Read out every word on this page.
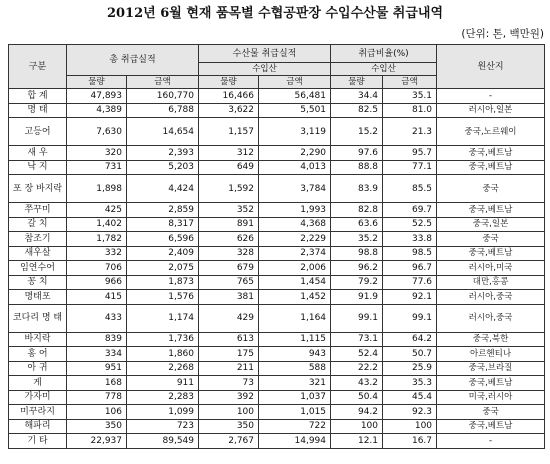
2012년 6월 현재 품목별 수협공판장 수입수산물 취급내역
(단위: 톤, 백만원)
구분	총 취급실적		수산물 취급실적		취급비율(%)		원산지
			수입산		수입산		
	물량	금액	물량	금액	물량	금액	
합 계	47,893	160,770	16,466	56,481	34.4	35.1	-
명 태	4,389	6,788	3,622	5,501	82.5	81.0	러시아,일본
고등어	7,630	14,654	1,157	3,119	15.2	21.3	중국,노르웨이
새 우	320	2,393	312	2,290	97.6	95.7	중국,베트남
낙 지	731	5,203	649	4,013	88.8	77.1	중국,베트남
포 장 바지락	1,898	4,424	1,592	3,784	83.9	85.5	중국
쭈꾸미	425	2,859	352	1,993	82.8	69.7	중국,베트남
갈 치	1,402	8,317	891	4,368	63.6	52.5	중국,일본
참조기	1,782	6,596	626	2,229	35.2	33.8	중국
새우살	332	2,409	328	2,374	98.8	98.5	중국,베트남
임연수어	706	2,075	679	2,006	96.2	96.7	러시아,미국
꽁 치	966	1,873	765	1,454	79.2	77.6	대만,홍콩
명태포	415	1,576	381	1,452	91.9	92.1	러시아,중국
코다리 명 태	433	1,174	429	1,164	99.1	99.1	러시아,중국
바지락	839	1,736	613	1,115	73.1	64.2	중국,북한
홍 어	334	1,860	175	943	52.4	50.7	아르헨티나
아 귀	951	2,268	211	588	22.2	25.9	중국,브라질
게	168	911	73	321	43.2	35.3	중국,베트남
가자미	778	2,283	392	1,037	50.4	45.4	미국,러시아
미꾸라지	106	1,099	100	1,015	94.2	92.3	중국
해파리	350	723	350	722	100	100	중국,베트남
기 타	22,937	89,549	2,767	14,994	12.1	16.7	-
